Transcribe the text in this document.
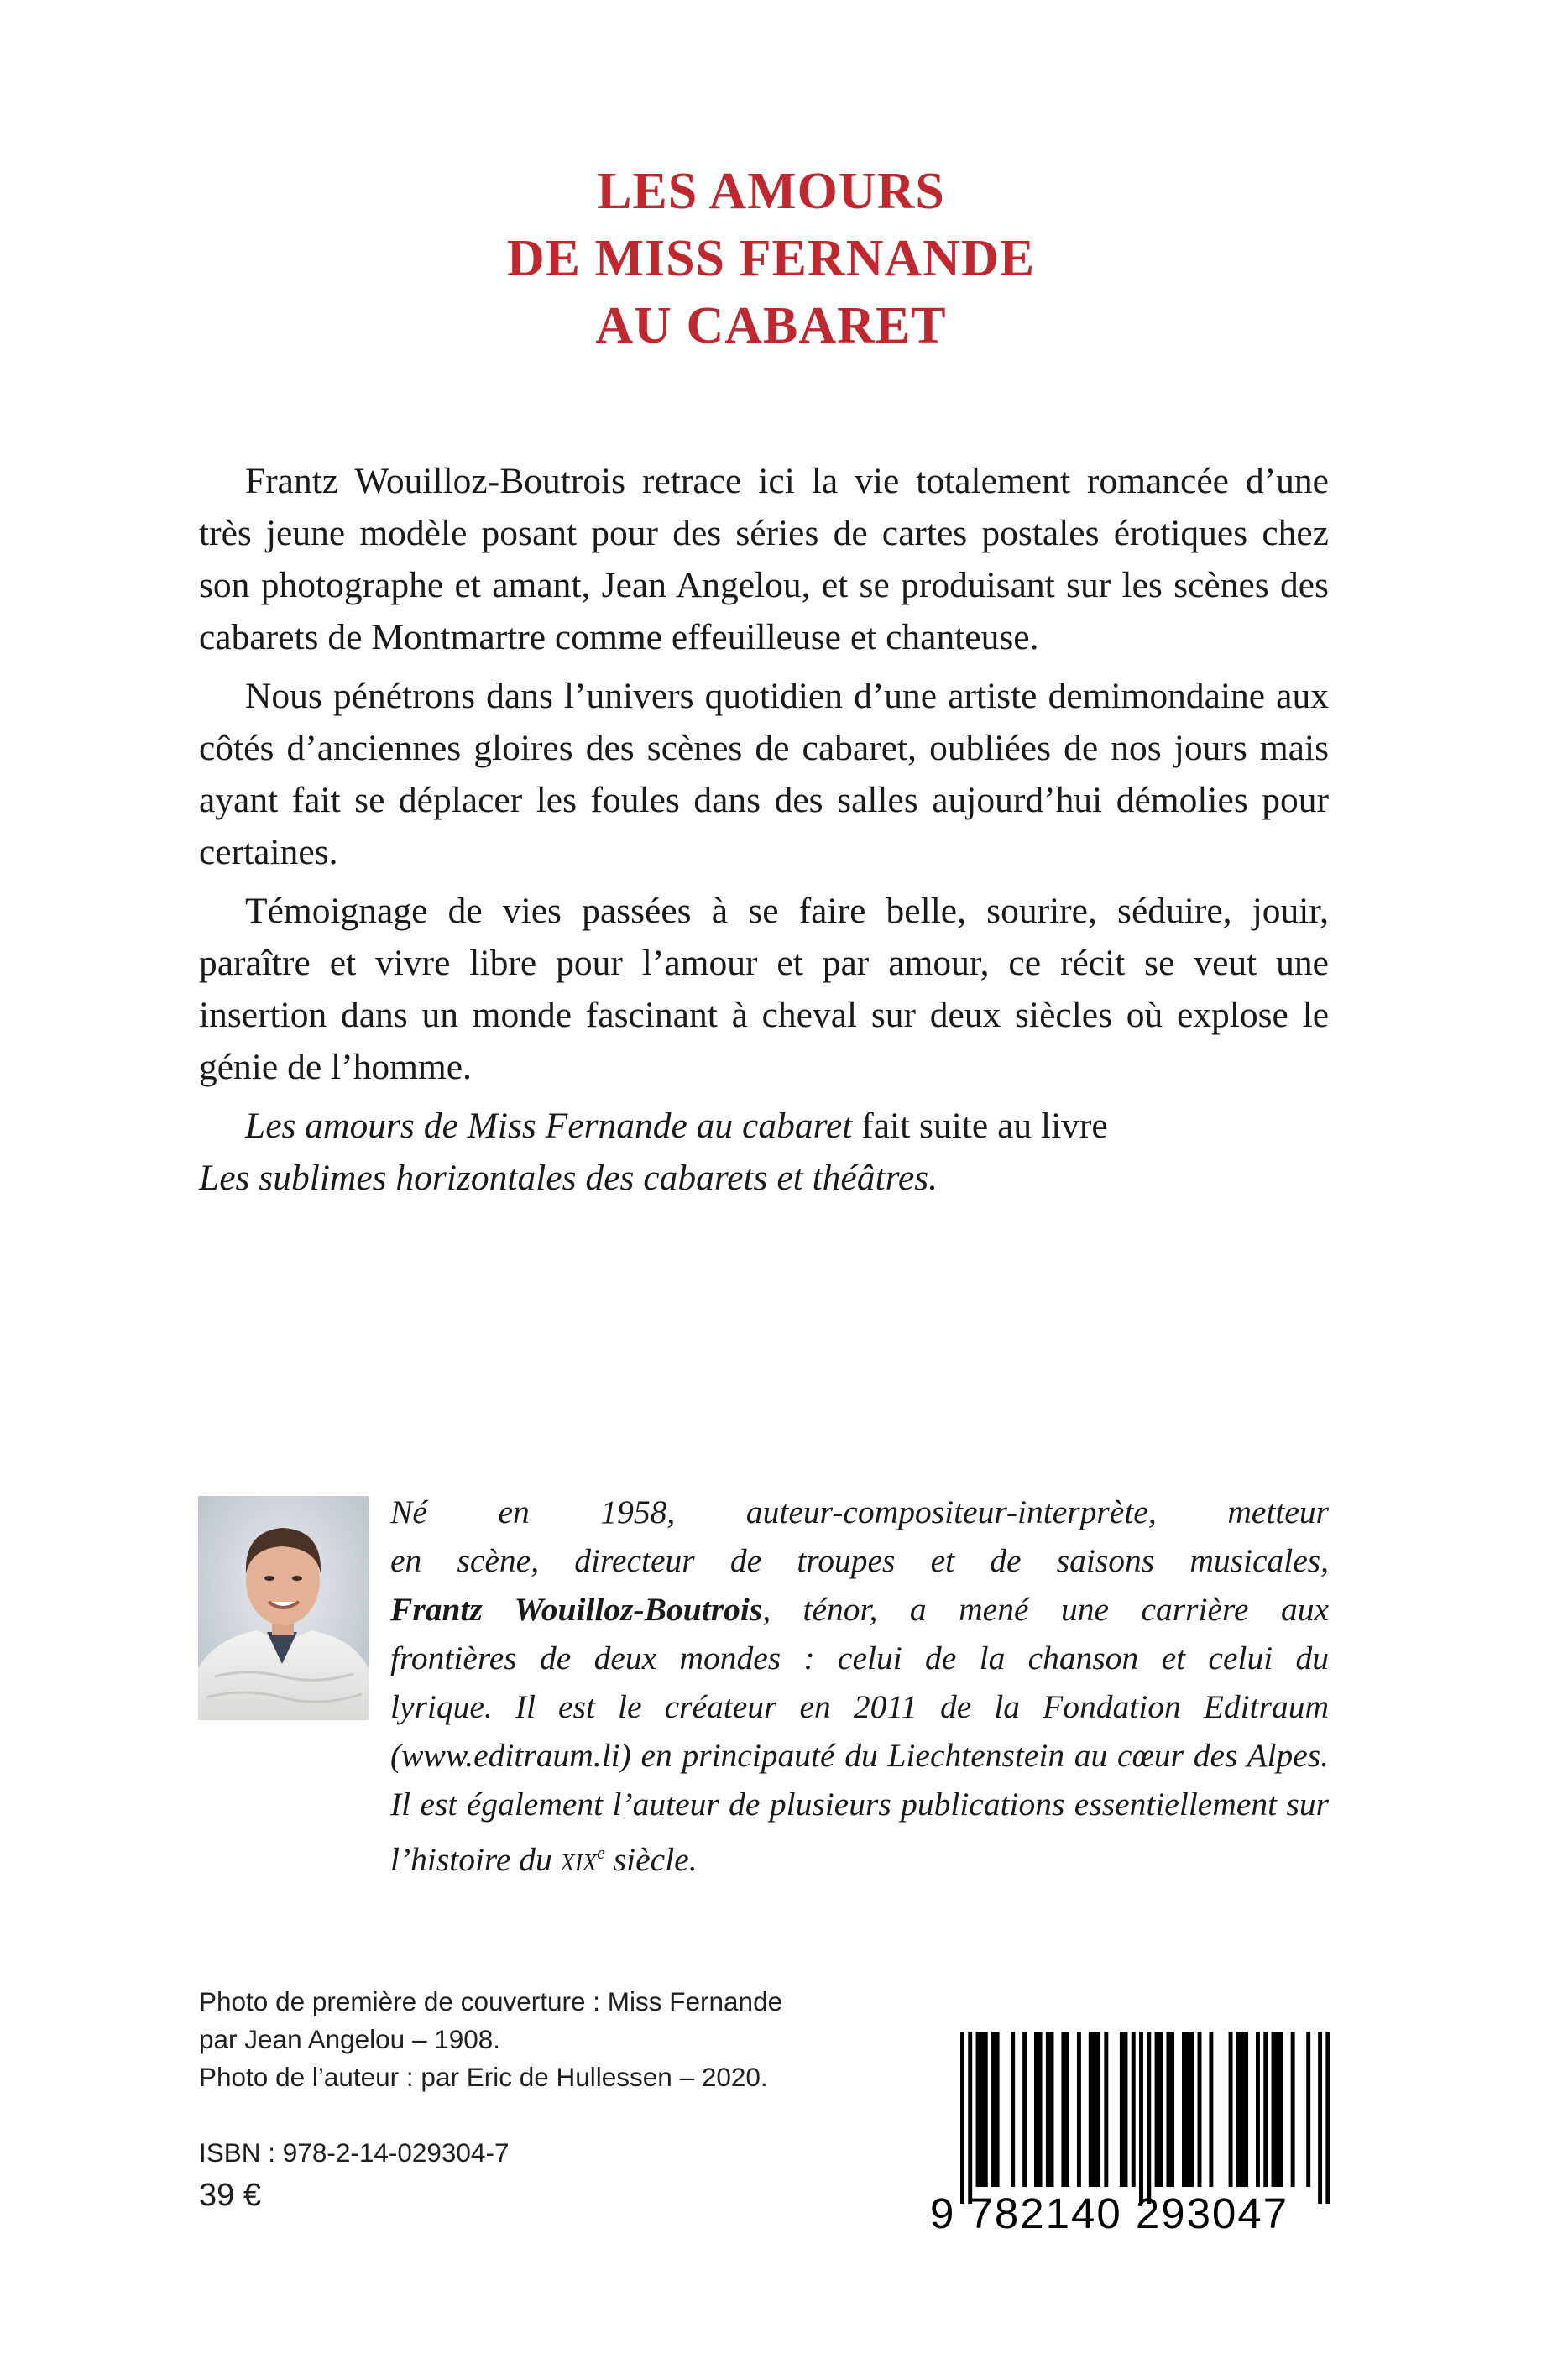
LES AMOURS
DE MISS FERNANDE
AU CABARET

Frantz Wouilloz-Boutrois retrace ici la vie totalement romancée d’une très jeune modèle posant pour des séries de cartes postales érotiques chez son photographe et amant, Jean Angelou, et se produisant sur les scènes des cabarets de Montmartre comme effeuilleuse et chanteuse.

Nous pénétrons dans l’univers quotidien d’une artiste demimondaine aux côtés d’anciennes gloires des scènes de cabaret, oubliées de nos jours mais ayant fait se déplacer les foules dans des salles aujourd’hui démolies pour certaines.

Témoignage de vies passées à se faire belle, sourire, séduire, jouir, paraître et vivre libre pour l’amour et par amour, ce récit se veut une insertion dans un monde fascinant à cheval sur deux siècles où explose le génie de l’homme.

Les amours de Miss Fernande au cabaret fait suite au livre
Les sublimes horizontales des cabarets et théâtres.

Né en 1958, auteur-compositeur-interprète, metteur
en scène, directeur de troupes et de saisons musicales,
Frantz Wouilloz-Boutrois, ténor, a mené une carrière aux
frontières de deux mondes : celui de la chanson et celui du
lyrique. Il est le créateur en 2011 de la Fondation Editraum
(www.editraum.li) en principauté du Liechtenstein au cœur des Alpes.
Il est également l’auteur de plusieurs publications essentiellement sur
l’histoire du xix$^e$ siècle.
Photo de première de couverture : Miss Fernande
par Jean Angelou – 1908.
Photo de l’auteur : par Eric de Hullessen – 2020.
ISBN : 978-2-14-029304-7
39 €	9 782140 293047
